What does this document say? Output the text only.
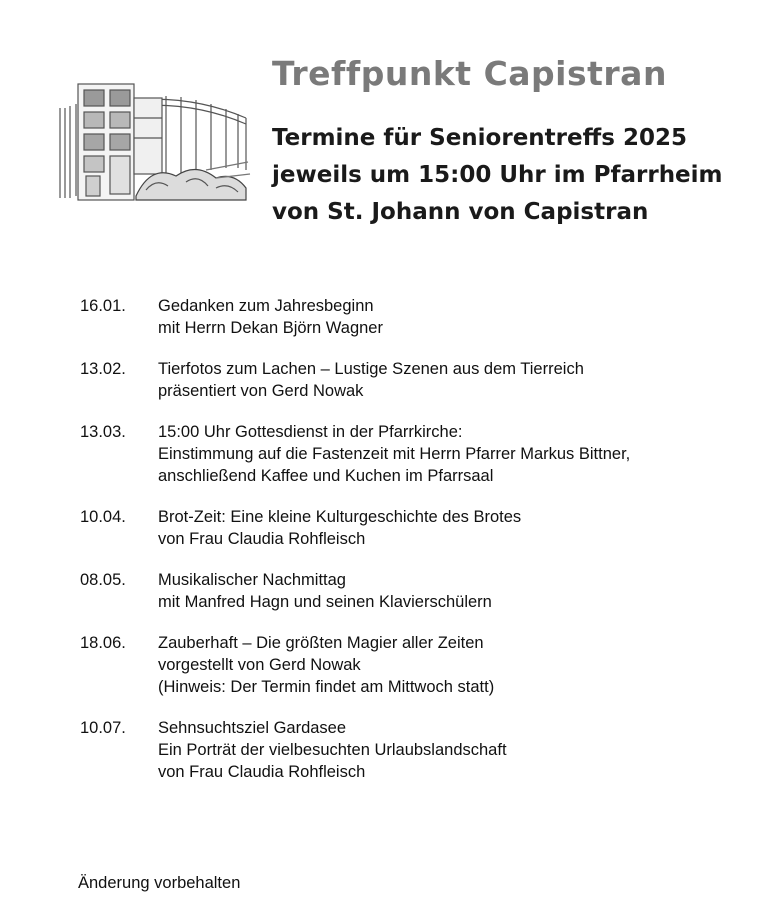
Treffpunkt Capistran
Termine für Seniorentreffs 2025
jeweils um 15:00 Uhr im Pfarrheim
von St. Johann von Capistran
16.01.	Gedanken zum Jahresbeginn
mit Herrn Dekan Björn Wagner
13.02.	Tierfotos zum Lachen – Lustige Szenen aus dem Tierreich
präsentiert von Gerd Nowak
13.03.	15:00 Uhr Gottesdienst in der Pfarrkirche:
Einstimmung auf die Fastenzeit mit Herrn Pfarrer Markus Bittner,
anschließend Kaffee und Kuchen im Pfarrsaal
10.04.	Brot-Zeit: Eine kleine Kulturgeschichte des Brotes
von Frau Claudia Rohfleisch
08.05.	Musikalischer Nachmittag
mit Manfred Hagn und seinen Klavierschülern
18.06.	Zauberhaft – Die größten Magier aller Zeiten
vorgestellt von Gerd Nowak
(Hinweis: Der Termin findet am Mittwoch statt)
10.07.	Sehnsuchtsziel Gardasee
Ein Porträt der vielbesuchten Urlaubslandschaft
von Frau Claudia Rohfleisch
Änderung vorbehalten
